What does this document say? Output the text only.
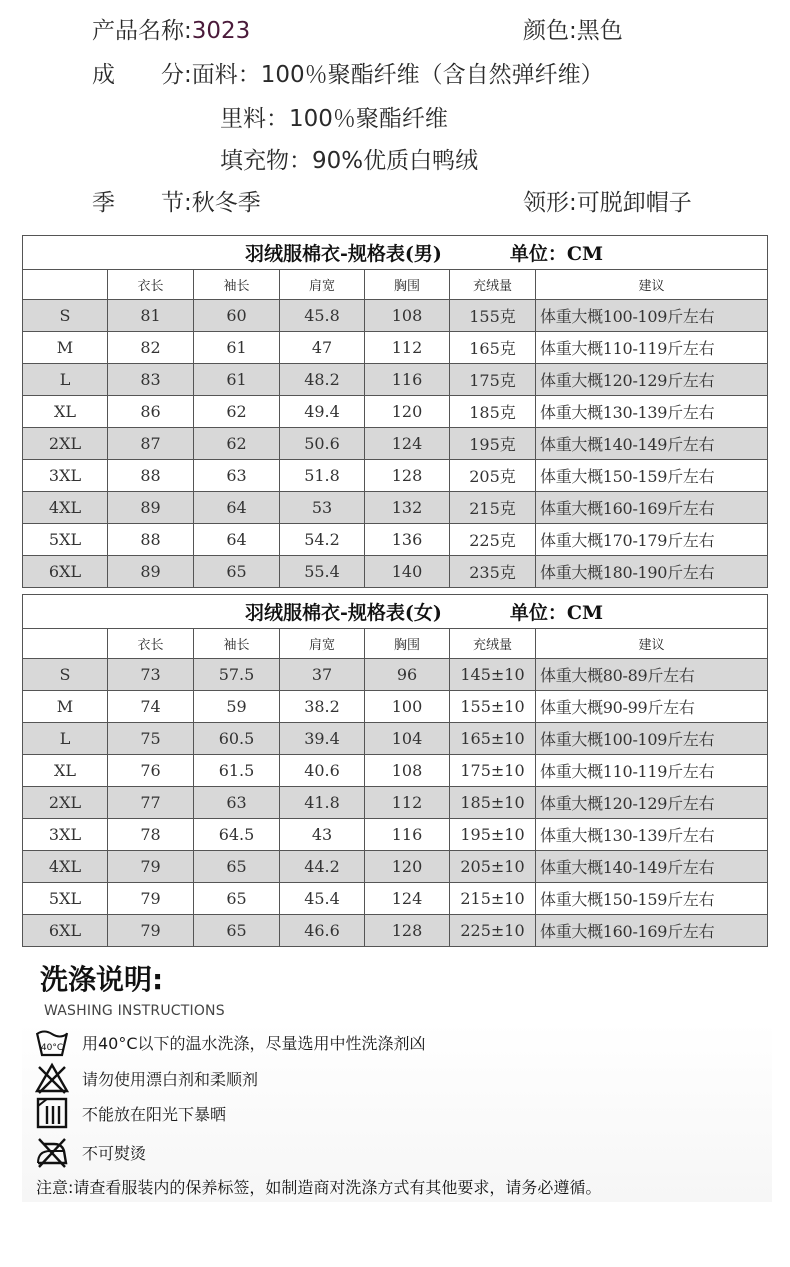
产品名称:3023	颜色:黑色
成　　分:面料：100％聚酯纤维（含自然弹纤维）
里料：100％聚酯纤维
填充物：90%优质白鸭绒
季　　节:秋冬季	领形:可脱卸帽子
羽绒服棉衣-规格表(男) 单位：CM						

	衣长	袖长	肩宽	胸围	充绒量	建议
S	81	60	45.8	108	155克	体重大概100-109斤左右
M	82	61	47	112	165克	体重大概110-119斤左右
L	83	61	48.2	116	175克	体重大概120-129斤左右
XL	86	62	49.4	120	185克	体重大概130-139斤左右
2XL	87	62	50.6	124	195克	体重大概140-149斤左右
3XL	88	63	51.8	128	205克	体重大概150-159斤左右
4XL	89	64	53	132	215克	体重大概160-169斤左右
5XL	88	64	54.2	136	225克	体重大概170-179斤左右
6XL	89	65	55.4	140	235克	体重大概180-190斤左右
羽绒服棉衣-规格表(女) 单位：CM						

	衣长	袖长	肩宽	胸围	充绒量	建议
S	73	57.5	37	96	145±10	体重大概80-89斤左右
M	74	59	38.2	100	155±10	体重大概90-99斤左右
L	75	60.5	39.4	104	165±10	体重大概100-109斤左右
XL	76	61.5	40.6	108	175±10	体重大概110-119斤左右
2XL	77	63	41.8	112	185±10	体重大概120-129斤左右
3XL	78	64.5	43	116	195±10	体重大概130-139斤左右
4XL	79	65	44.2	120	205±10	体重大概140-149斤左右
5XL	79	65	45.4	124	215±10	体重大概150-159斤左右
6XL	79	65	46.6	128	225±10	体重大概160-169斤左右
洗涤说明:
WASHING INSTRUCTIONS
40°C 用40°C以下的温水洗涤，尽量选用中性洗涤剂凶
请勿使用漂白剂和柔顺剂
不能放在阳光下暴晒
不可熨烫
注意:请查看服装内的保养标签，如制造商对洗涤方式有其他要求，请务必遵循。
